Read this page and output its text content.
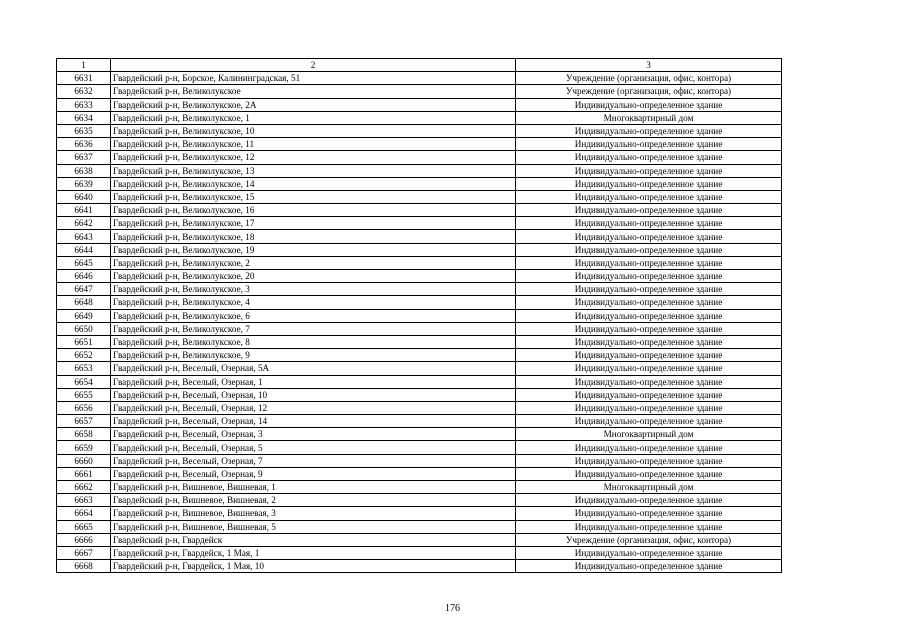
1	2	3
6631	Гвардейский р-н, Борское, Калининградская, 51	Учреждение (организация, офис, контора)
6632	Гвардейский р-н, Великолукское	Учреждение (организация, офис, контора)
6633	Гвардейский р-н, Великолукское, 2А	Индивидуально-определенное здание
6634	Гвардейский р-н, Великолукское, 1	Многоквартирный дом
6635	Гвардейский р-н, Великолукское, 10	Индивидуально-определенное здание
6636	Гвардейский р-н, Великолукское, 11	Индивидуально-определенное здание
6637	Гвардейский р-н, Великолукское, 12	Индивидуально-определенное здание
6638	Гвардейский р-н, Великолукское, 13	Индивидуально-определенное здание
6639	Гвардейский р-н, Великолукское, 14	Индивидуально-определенное здание
6640	Гвардейский р-н, Великолукское, 15	Индивидуально-определенное здание
6641	Гвардейский р-н, Великолукское, 16	Индивидуально-определенное здание
6642	Гвардейский р-н, Великолукское, 17	Индивидуально-определенное здание
6643	Гвардейский р-н, Великолукское, 18	Индивидуально-определенное здание
6644	Гвардейский р-н, Великолукское, 19	Индивидуально-определенное здание
6645	Гвардейский р-н, Великолукское, 2	Индивидуально-определенное здание
6646	Гвардейский р-н, Великолукское, 20	Индивидуально-определенное здание
6647	Гвардейский р-н, Великолукское, 3	Индивидуально-определенное здание
6648	Гвардейский р-н, Великолукское, 4	Индивидуально-определенное здание
6649	Гвардейский р-н, Великолукское, 6	Индивидуально-определенное здание
6650	Гвардейский р-н, Великолукское, 7	Индивидуально-определенное здание
6651	Гвардейский р-н, Великолукское, 8	Индивидуально-определенное здание
6652	Гвардейский р-н, Великолукское, 9	Индивидуально-определенное здание
6653	Гвардейский р-н, Веселый, Озерная, 5А	Индивидуально-определенное здание
6654	Гвардейский р-н, Веселый, Озерная, 1	Индивидуально-определенное здание
6655	Гвардейский р-н, Веселый, Озерная, 10	Индивидуально-определенное здание
6656	Гвардейский р-н, Веселый, Озерная, 12	Индивидуально-определенное здание
6657	Гвардейский р-н, Веселый, Озерная, 14	Индивидуально-определенное здание
6658	Гвардейский р-н, Веселый, Озерная, 3	Многоквартирный дом
6659	Гвардейский р-н, Веселый, Озерная, 5	Индивидуально-определенное здание
6660	Гвардейский р-н, Веселый, Озерная, 7	Индивидуально-определенное здание
6661	Гвардейский р-н, Веселый, Озерная, 9	Индивидуально-определенное здание
6662	Гвардейский р-н, Вишневое, Вишневая, 1	Многоквартирный дом
6663	Гвардейский р-н, Вишневое, Вишневая, 2	Индивидуально-определенное здание
6664	Гвардейский р-н, Вишневое, Вишневая, 3	Индивидуально-определенное здание
6665	Гвардейский р-н, Вишневое, Вишневая, 5	Индивидуально-определенное здание
6666	Гвардейский р-н, Гвардейск	Учреждение (организация, офис, контора)
6667	Гвардейский р-н, Гвардейск, 1 Мая, 1	Индивидуально-определенное здание
6668	Гвардейский р-н, Гвардейск, 1 Мая, 10	Индивидуально-определенное здание
176
